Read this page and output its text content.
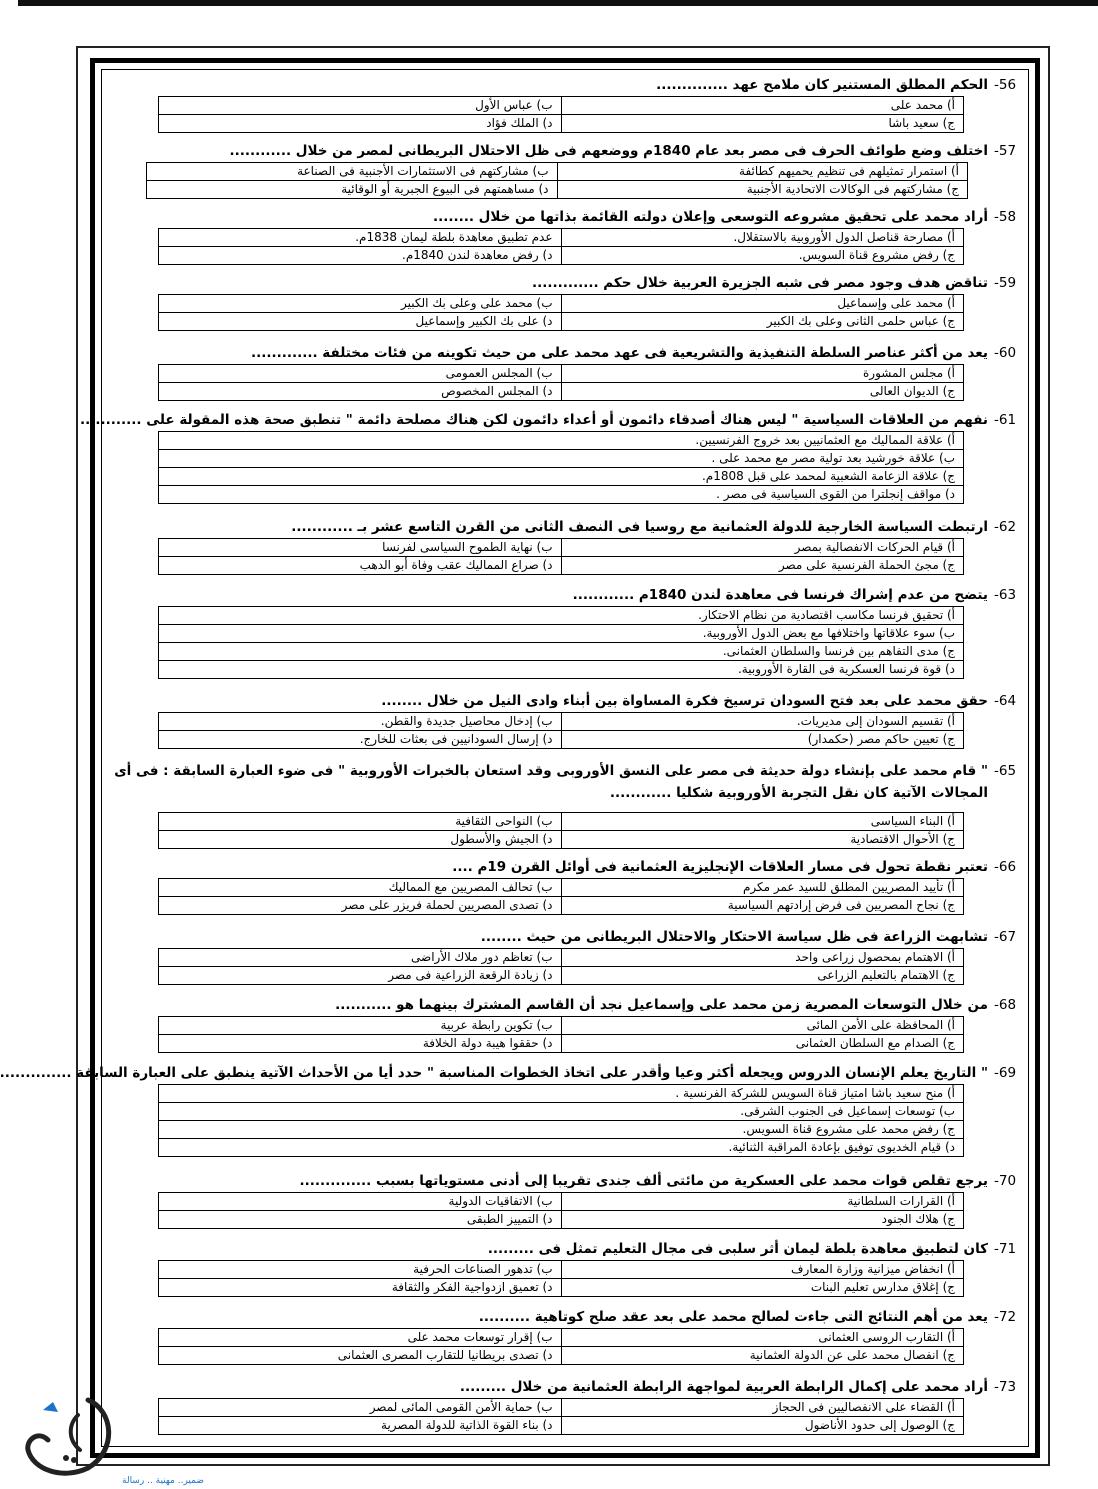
-56
الحكم المطلق المستنير كان ملامح عهد ..............
أ) محمد على	ب) عباس الأول
ج) سعيد باشا	د) الملك فؤاد
-57
اختلف وضع طوائف الحرف فى مصر بعد عام 1840م ووضعهم فى ظل الاحتلال البريطانى لمصر من خلال ............
أ) استمرار تمثيلهم فى تنظيم يحميهم كطائفة	ب) مشاركتهم فى الاستثمارات الأجنبية فى الصناعة
ج) مشاركتهم فى الوكالات الاتحادية الأجنبية	د) مساهمتهم فى البيوع الجبرية أو الوقائية
-58
أراد محمد على تحقيق مشروعه التوسعى وإعلان دولته القائمة بذاتها من خلال ........
أ) مصارحة قناصل الدول الأوروبية بالاستقلال.	عدم تطبيق معاهدة بلطة ليمان 1838م.
ج) رفض مشروع قناة السويس.	د) رفض معاهدة لندن 1840م.
-59
تناقض هدف وجود مصر فى شبه الجزيرة العربية خلال حكم .............
أ) محمد على وإسماعيل	ب) محمد على وعلى بك الكبير
ج) عباس حلمى الثانى وعلى بك الكبير	د) على بك الكبير وإسماعيل
-60
يعد من أكثر عناصر السلطة التنفيذية والتشريعية فى عهد محمد على من حيث تكوينه من فئات مختلفة .............
أ) مجلس المشورة	ب) المجلس العمومى
ج) الديوان العالى	د) المجلس المخصوص
-61
نفهم من العلاقات السياسية " ليس هناك أصدقاء دائمون أو أعداء دائمون لكن هناك مصلحة دائمة " تنطبق صحة هذه المقولة على ............
أ) علاقة المماليك مع العثمانيين بعد خروج الفرنسيين.
ب) علاقة خورشيد بعد تولية مصر مع محمد على .
ج) علاقة الزعامة الشعبية لمحمد على قبل 1808م.
د) مواقف إنجلترا من القوى السياسية فى مصر .
-62
ارتبطت السياسة الخارجية للدولة العثمانية مع روسيا فى النصف الثانى من القرن التاسع عشر بـ ............
أ) قيام الحركات الانفصالية بمصر	ب) نهاية الطموح السياسى لفرنسا
ج) مجئ الحملة الفرنسية على مصر	د) صراع المماليك عقب وفاة أبو الدهب
-63
يتضح من عدم إشراك فرنسا فى معاهدة لندن 1840م ............
أ) تحقيق فرنسا مكاسب اقتصادية من نظام الاحتكار.
ب) سوء علاقاتها واختلافها مع بعض الدول الأوروبية.
ج) مدى التفاهم بين فرنسا والسلطان العثمانى.
د) قوة فرنسا العسكرية فى القارة الأوروبية.
-64
حقق محمد على بعد فتح السودان ترسيخ فكرة المساواة بين أبناء وادى النيل من خلال ........
أ) تقسيم السودان إلى مديريات.	ب) إدخال محاصيل جديدة والقطن.
ج) تعيين حاكم مصر (حكمدار)	د) إرسال السودانيين فى بعثات للخارج.
-65
" قام محمد على بإنشاء دولة حديثة فى مصر على النسق الأوروبى وقد استعان بالخبرات الأوروبية " فى ضوء العبارة السابقة : فى أى المجالات الآتية كان نقل التجربة الأوروبية شكليا ............
أ) البناء السياسى	ب) النواحى الثقافية
ج) الأحوال الاقتصادية	د) الجيش والأسطول
-66
تعتبر نقطة تحول فى مسار العلاقات الإنجليزية العثمانية فى أوائل القرن 19م ....
أ) تأييد المصريين المطلق للسيد عمر مكرم	ب) تحالف المصريين مع المماليك
ج) نجاح المصريين فى فرض إرادتهم السياسية	د) تصدى المصريين لحملة فريزر على مصر
-67
تشابهت الزراعة فى ظل سياسة الاحتكار والاحتلال البريطانى من حيث ........
أ) الاهتمام بمحصول زراعى واحد	ب) تعاظم دور ملاك الأراضى
ج) الاهتمام بالتعليم الزراعى	د) زيادة الرقعة الزراعية فى مصر
-68
من خلال التوسعات المصرية زمن محمد على وإسماعيل نجد أن القاسم المشترك بينهما هو ...........
أ) المحافظة على الأمن المائى	ب) تكوين رابطة عربية
ج) الصدام مع السلطان العثمانى	د) حققوا هيبة دولة الخلافة
-69
" التاريخ يعلم الإنسان الدروس ويجعله أكثر وعيا وأقدر على اتخاذ الخطوات المناسبة " حدد أيا من الأحداث الآتية ينطبق على العبارة السابقة ..............
أ) منح سعيد باشا امتياز قناة السويس للشركة الفرنسية .
ب) توسعات إسماعيل فى الجنوب الشرقى.
ج) رفض محمد على مشروع قناة السويس.
د) قيام الخديوى توفيق بإعادة المراقبة الثنائية.
-70
يرجع تقلص قوات محمد على العسكرية من مائتى ألف جندى تقريبا إلى أدنى مستوياتها بسبب ..............
أ) القرارات السلطانية	ب) الاتفاقيات الدولية
ج) هلاك الجنود	د) التمييز الطبقى
-71
كان لتطبيق معاهدة بلطة ليمان أثر سلبى فى مجال التعليم تمثل فى .........
أ) انخفاض ميزانية وزارة المعارف	ب) تدهور الصناعات الحرفية
ج) إغلاق مدارس تعليم البنات	د) تعميق ازدواجية الفكر والثقافة
-72
يعد من أهم النتائج التى جاءت لصالح محمد على بعد عقد صلح كوتاهية ..........
أ) التقارب الروسى العثمانى	ب) إقرار توسعات محمد على
ج) انفصال محمد على عن الدولة العثمانية	د) تصدى بريطانيا للتقارب المصرى العثمانى
-73
أراد محمد على إكمال الرابطة العربية لمواجهة الرابطة العثمانية من خلال .........
أ) القضاء على الانفصاليين فى الحجاز	ب) حماية الأمن القومى المائى لمصر
ج) الوصول إلى حدود الأناضول	د) بناء القوة الذاتية للدولة المصرية
ضمير.. مهنية .. رسالة
